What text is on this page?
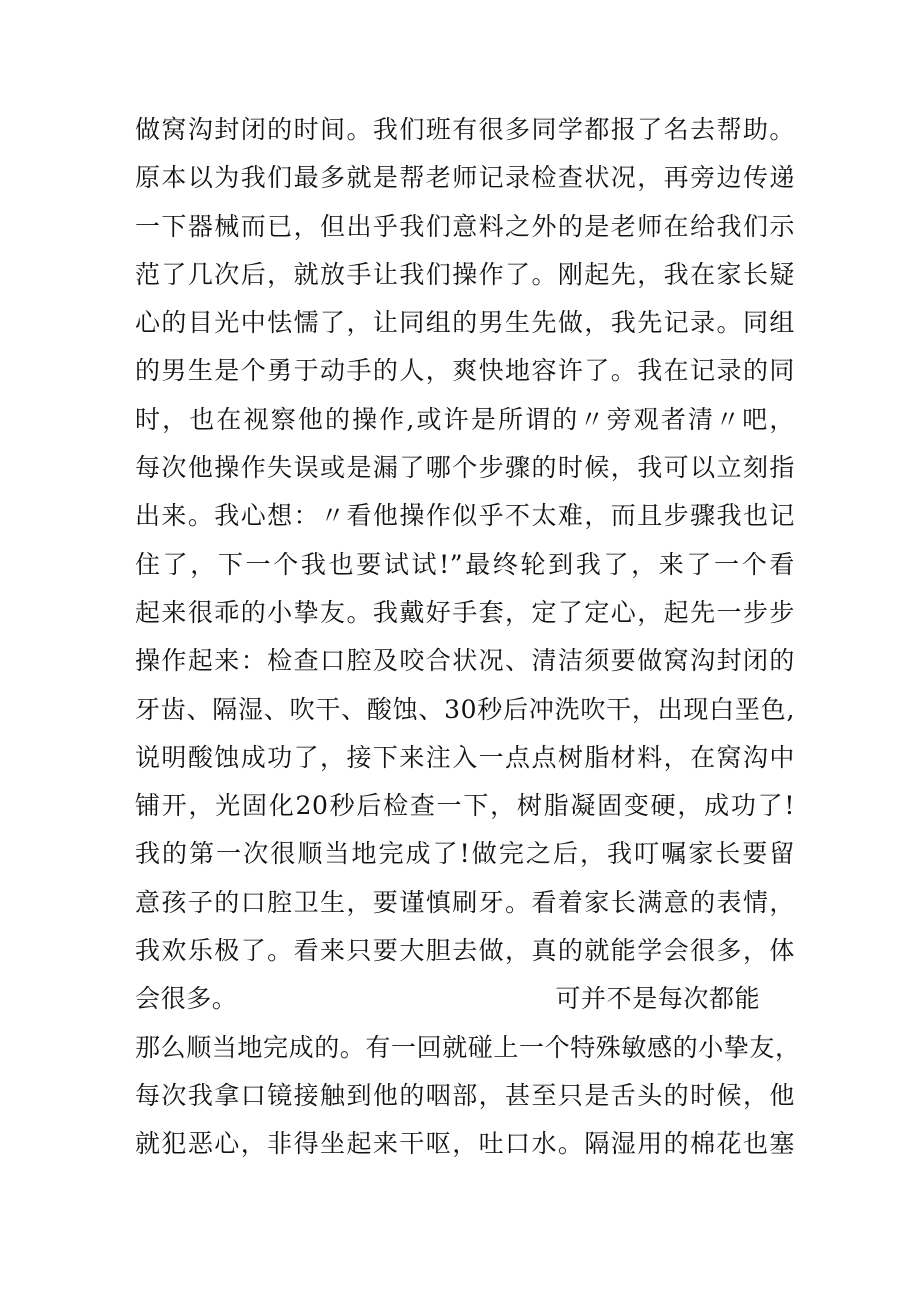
做窝沟封闭的时间。我们班有很多同学都报了名去帮助。
原本以为我们最多就是帮老师记录检查状况，再旁边传递
一下器械而已，但出乎我们意料之外的是老师在给我们示
范了几次后，就放手让我们操作了。刚起先，我在家长疑
心的目光中怯懦了，让同组的男生先做，我先记录。同组
的男生是个勇于动手的人，爽快地容许了。我在记录的同
时，也在视察他的操作,或许是所谓的〃旁观者清〃吧，
每次他操作失误或是漏了哪个步骤的时候，我可以立刻指
出来。我心想：〃看他操作似乎不太难，而且步骤我也记
住了，下一个我也要试试!”最终轮到我了，来了一个看
起来很乖的小挚友。我戴好手套，定了定心，起先一步步
操作起来：检查口腔及咬合状况、清洁须要做窝沟封闭的
牙齿、隔湿、吹干、酸蚀、30秒后冲洗吹干，出现白垩色,
说明酸蚀成功了，接下来注入一点点树脂材料，在窝沟中
铺开，光固化20秒后检查一下，树脂凝固变硬，成功了!
我的第一次很顺当地完成了!做完之后，我叮嘱家长要留
意孩子的口腔卫生，要谨慎刷牙。看着家长满意的表情，
我欢乐极了。看来只要大胆去做，真的就能学会很多，体
会很多。	可并不是每次都能
那么顺当地完成的。有一回就碰上一个特殊敏感的小挚友，
每次我拿口镜接触到他的咽部，甚至只是舌头的时候，他
就犯恶心，非得坐起来干呕，吐口水。隔湿用的棉花也塞
